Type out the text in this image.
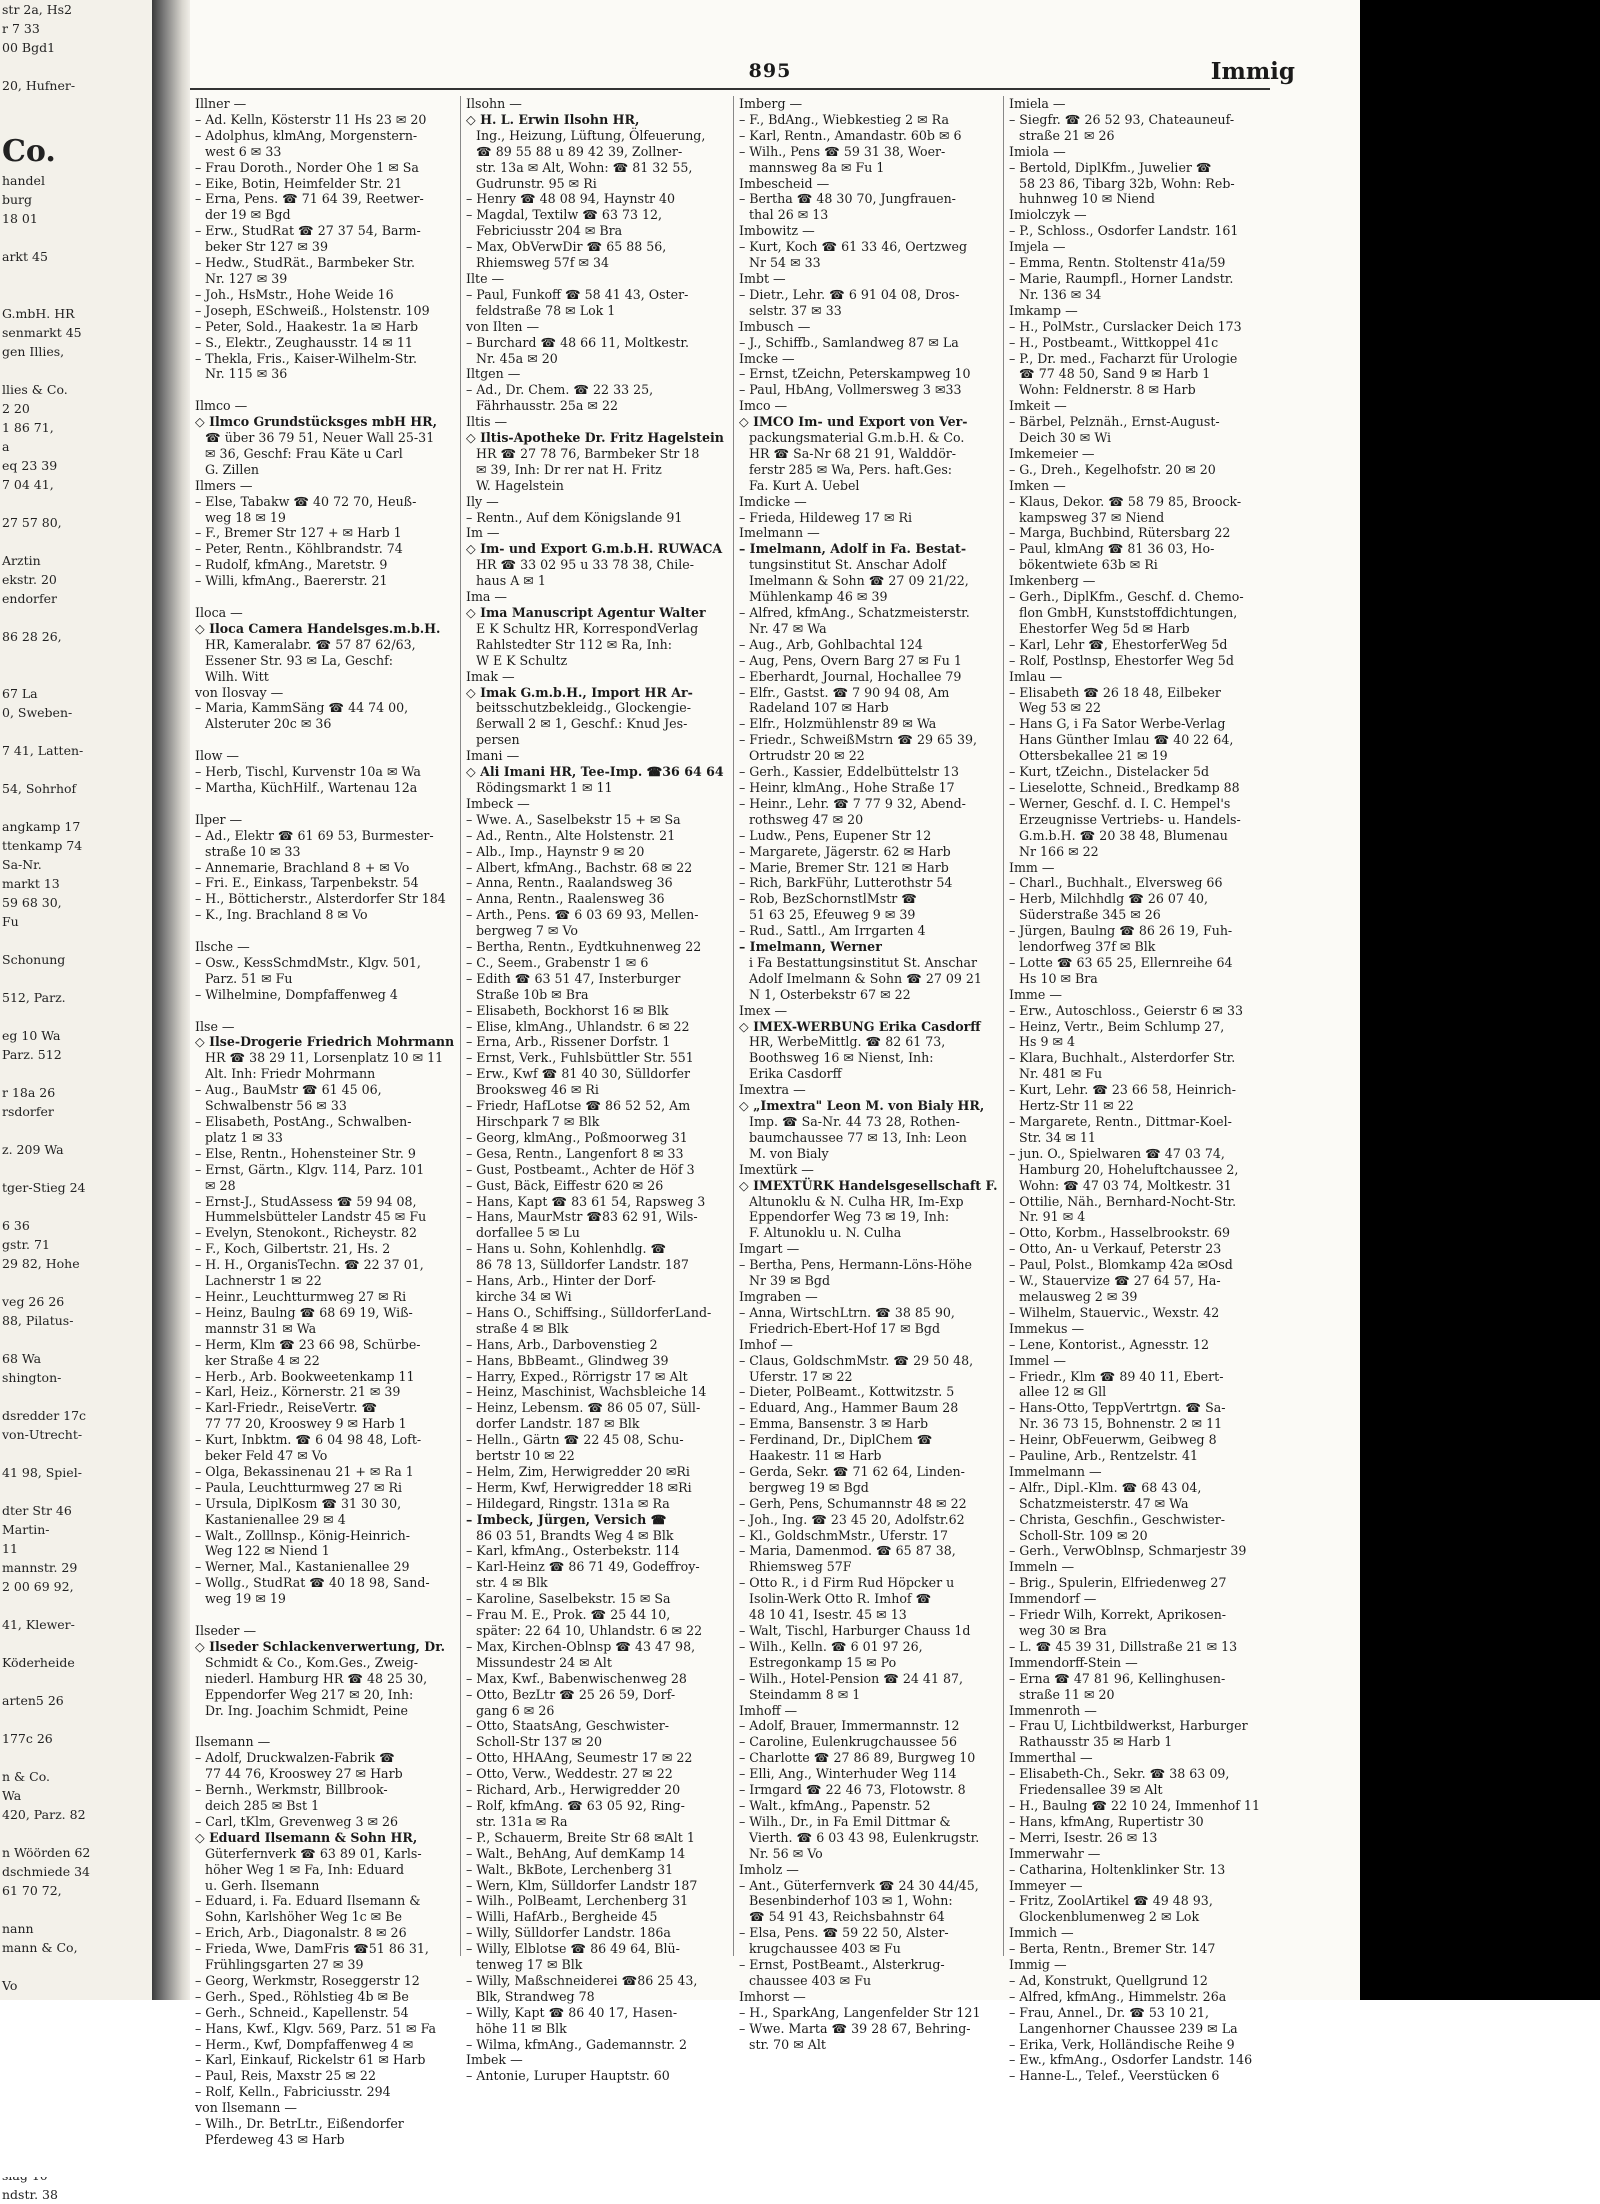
str 2a, Hs2
r 7 33
00 Bgd1

20, Hufner-

Co.
handel
burg
18 01

arkt 45

G.mbH. HR
senmarkt 45
gen Illies,

llies & Co.
2 20
1 86 71,
a
eq 23 39
7 04 41,

27 57 80,

Arztin
ekstr. 20
endorfer

86 28 26,

67 La
0, Sweben-

7 41, Latten-

54, Sohrhof

angkamp 17
ttenkamp 74
Sa-Nr.
markt 13
59 68 30,
Fu

Schonung

512, Parz.

eg 10 Wa
Parz. 512

r 18a 26
rsdorfer

z. 209 Wa

tger-Stieg 24

6 36
gstr. 71
29 82, Hohe

veg 26 26
88, Pilatus-

68 Wa
shington-

dsredder 17c
von-Utrecht-

41 98, Spiel-

dter Str 46
Martin-
11
mannstr. 29
2 00 69 92,

41, Klewer-

Köderheide

arten5 26

177c 26

n & Co.
Wa
420, Parz. 82

n Wöörden 62
dschmiede 34
61 70 72,

nann
mann & Co,

Vo

ndstr. 38
895	Immig
Illner —
– Ad. Kelln, Kösterstr 11 Hs 23 ✉ 20
– Adolphus, klmAng, Morgenstern-
west 6 ✉ 33
– Frau Doroth., Norder Ohe 1 ✉ Sa
– Eike, Botin, Heimfelder Str. 21
– Erna, Pens. ☎ 71 64 39, Reetwer-
der 19 ✉ Bgd
– Erw., StudRat ☎ 27 37 54, Barm-
beker Str 127 ✉ 39
– Hedw., StudRät., Barmbeker Str.
Nr. 127 ✉ 39
– Joh., HsMstr., Hohe Weide 16
– Joseph, ESchweiß., Holstenstr. 109
– Peter, Sold., Haakestr. 1a ✉ Harb
– S., Elektr., Zeughausstr. 14 ✉ 11
– Thekla, Fris., Kaiser-Wilhelm-Str.
Nr. 115 ✉ 36

Ilmco —
◇ Ilmco Grundstücksges mbH HR,
☎ über 36 79 51, Neuer Wall 25-31
✉ 36, Geschf: Frau Käte u Carl
G. Zillen
Ilmers —
– Else, Tabakw ☎ 40 72 70, Heuß-
weg 18 ✉ 19
– F., Bremer Str 127 + ✉ Harb 1
– Peter, Rentn., Köhlbrandstr. 74
– Rudolf, kfmAng., Maretstr. 9
– Willi, kfmAng., Baererstr. 21

Iloca —
◇ Iloca Camera Handelsges.m.b.H.
HR, Kameralabr. ☎ 57 87 62/63,
Essener Str. 93 ✉ La, Geschf:
Wilh. Witt
von Ilosvay —
– Maria, KammSäng ☎ 44 74 00,
Alsteruter 20c ✉ 36

Ilow —
– Herb, Tischl, Kurvenstr 10a ✉ Wa
– Martha, KüchHilf., Wartenau 12a

Ilper —
– Ad., Elektr ☎ 61 69 53, Burmester-
straße 10 ✉ 33
– Annemarie, Brachland 8 + ✉ Vo
– Fri. E., Einkass, Tarpenbekstr. 54
– H., Bötticherstr., Alsterdorfer Str 184
– K., Ing. Brachland 8 ✉ Vo

Ilsche —
– Osw., KessSchmdMstr., Klgv. 501,
Parz. 51 ✉ Fu
– Wilhelmine, Dompfaffenweg 4

Ilse —
◇ Ilse-Drogerie Friedrich Mohrmann
HR ☎ 38 29 11, Lorsenplatz 10 ✉ 11
Alt. Inh: Friedr Mohrmann
– Aug., BauMstr ☎ 61 45 06,
Schwalbenstr 56 ✉ 33
– Elisabeth, PostAng., Schwalben-
platz 1 ✉ 33
– Else, Rentn., Hohensteiner Str. 9
– Ernst, Gärtn., Klgv. 114, Parz. 101
✉ 28
– Ernst-J., StudAssess ☎ 59 94 08,
Hummelsbütteler Landstr 45 ✉ Fu
– Evelyn, Stenokont., Richeystr. 82
– F., Koch, Gilbertstr. 21, Hs. 2
– H. H., OrganisTechn. ☎ 22 37 01,
Lachnerstr 1 ✉ 22
– Heinr., Leuchtturmweg 27 ✉ Ri
– Heinz, Baulng ☎ 68 69 19, Wiß-
mannstr 31 ✉ Wa
– Herm, Klm ☎ 23 66 98, Schürbe-
ker Straße 4 ✉ 22
– Herb., Arb. Bookweetenkamp 11
– Karl, Heiz., Körnerstr. 21 ✉ 39
– Karl-Friedr., ReiseVertr. ☎
77 77 20, Krooswey 9 ✉ Harb 1
– Kurt, Inbktm. ☎ 6 04 98 48, Loft-
beker Feld 47 ✉ Vo
– Olga, Bekassinenau 21 + ✉ Ra 1
– Paula, Leuchtturmweg 27 ✉ Ri
– Ursula, DiplKosm ☎ 31 30 30,
Kastanienallee 29 ✉ 4
– Walt., Zolllnsp., König-Heinrich-
Weg 122 ✉ Niend 1
– Werner, Mal., Kastanienallee 29
– Wollg., StudRat ☎ 40 18 98, Sand-
weg 19 ✉ 19

Ilseder —
◇ Ilseder Schlackenverwertung, Dr.
Schmidt & Co., Kom.Ges., Zweig-
niederl. Hamburg HR ☎ 48 25 30,
Eppendorfer Weg 217 ✉ 20, Inh:
Dr. Ing. Joachim Schmidt, Peine

Ilsemann —
– Adolf, Druckwalzen-Fabrik ☎
77 44 76, Krooswey 27 ✉ Harb
– Bernh., Werkmstr, Billbrook-
deich 285 ✉ Bst 1
– Carl, tKlm, Grevenweg 3 ✉ 26
◇ Eduard Ilsemann & Sohn HR,
Güterfernverk ☎ 63 89 01, Karls-
höher Weg 1 ✉ Fa, Inh: Eduard
u. Gerh. Ilsemann
– Eduard, i. Fa. Eduard Ilsemann &
Sohn, Karlshöher Weg 1c ✉ Be
– Erich, Arb., Diagonalstr. 8 ✉ 26
– Frieda, Wwe, DamFris ☎51 86 31,
Frühlingsgarten 27 ✉ 39
– Georg, Werkmstr, Roseggerstr 12
– Gerh., Sped., Röhlstieg 4b ✉ Be
– Gerh., Schneid., Kapellenstr. 54
– Hans, Kwf., Klgv. 569, Parz. 51 ✉ Fa
– Herm., Kwf, Dompfaffenweg 4 ✉
– Karl, Einkauf, Rickelstr 61 ✉ Harb
– Paul, Reis, Maxstr 25 ✉ 22
– Rolf, Kelln., Fabriciusstr. 294
von Ilsemann —
– Wilh., Dr. BetrLtr., Eißendorfer
Pferdeweg 43 ✉ Harb
Ilsohn —
◇ H. L. Erwin Ilsohn HR,
Ing., Heizung, Lüftung, Ölfeuerung,
☎ 89 55 88 u 89 42 39, Zollner-
str. 13a ✉ Alt, Wohn: ☎ 81 32 55,
Gudrunstr. 95 ✉ Ri
– Henry ☎ 48 08 94, Haynstr 40
– Magdal, Textilw ☎ 63 73 12,
Febriciusstr 204 ✉ Bra
– Max, ObVerwDir ☎ 65 88 56,
Rhiemsweg 57f ✉ 34
Ilte —
– Paul, Funkoff ☎ 58 41 43, Oster-
feldstraße 78 ✉ Lok 1
von Ilten —
– Burchard ☎ 48 66 11, Moltkestr.
Nr. 45a ✉ 20
Iltgen —
– Ad., Dr. Chem. ☎ 22 33 25,
Fährhausstr. 25a ✉ 22
Iltis —
◇ Iltis-Apotheke Dr. Fritz Hagelstein
HR ☎ 27 78 76, Barmbeker Str 18
✉ 39, Inh: Dr rer nat H. Fritz
W. Hagelstein
Ily —
– Rentn., Auf dem Königslande 91
Im —
◇ Im- und Export G.m.b.H. RUWACA
HR ☎ 33 02 95 u 33 78 38, Chile-
haus A ✉ 1
Ima —
◇ Ima Manuscript Agentur Walter
E K Schultz HR, KorrespondVerlag
Rahlstedter Str 112 ✉ Ra, Inh:
W E K Schultz
Imak —
◇ Imak G.m.b.H., Import HR Ar-
beitsschutzbekleidg., Glockengie-
ßerwall 2 ✉ 1, Geschf.: Knud Jes-
persen
Imani —
◇ Ali Imani HR, Tee-Imp. ☎36 64 64
Rödingsmarkt 1 ✉ 11
Imbeck —
– Wwe. A., Saselbekstr 15 + ✉ Sa
– Ad., Rentn., Alte Holstenstr. 21
– Alb., Imp., Haynstr 9 ✉ 20
– Albert, kfmAng., Bachstr. 68 ✉ 22
– Anna, Rentn., Raalandsweg 36
– Anna, Rentn., Raalensweg 36
– Arth., Pens. ☎ 6 03 69 93, Mellen-
bergweg 7 ✉ Vo
– Bertha, Rentn., Eydtkuhnenweg 22
– C., Seem., Grabenstr 1 ✉ 6
– Edith ☎ 63 51 47, Insterburger
Straße 10b ✉ Bra
– Elisabeth, Bockhorst 16 ✉ Blk
– Elise, klmAng., Uhlandstr. 6 ✉ 22
– Erna, Arb., Rissener Dorfstr. 1
– Ernst, Verk., Fuhlsbüttler Str. 551
– Erw., Kwf ☎ 81 40 30, Sülldorfer
Brooksweg 46 ✉ Ri
– Friedr, HafLotse ☎ 86 52 52, Am
Hirschpark 7 ✉ Blk
– Georg, klmAng., Poßmoorweg 31
– Gesa, Rentn., Langenfort 8 ✉ 33
– Gust, Postbeamt., Achter de Höf 3
– Gust, Bäck, Eiffestr 620 ✉ 26
– Hans, Kapt ☎ 83 61 54, Rapsweg 3
– Hans, MaurMstr ☎83 62 91, Wils-
dorfallee 5 ✉ Lu
– Hans u. Sohn, Kohlenhdlg. ☎
86 78 13, Sülldorfer Landstr. 187
– Hans, Arb., Hinter der Dorf-
kirche 34 ✉ Wi
– Hans O., Schiffsing., SülldorferLand-
straße 4 ✉ Blk
– Hans, Arb., Darbovenstieg 2
– Hans, BbBeamt., Glindweg 39
– Harry, Exped., Rörrigstr 17 ✉ Alt
– Heinz, Maschinist, Wachsbleiche 14
– Heinz, Lebensm. ☎ 86 05 07, Süll-
dorfer Landstr. 187 ✉ Blk
– Helln., Gärtn ☎ 22 45 08, Schu-
bertstr 10 ✉ 22
– Helm, Zim, Herwigredder 20 ✉Ri
– Herm, Kwf, Herwigredder 18 ✉Ri
– Hildegard, Ringstr. 131a ✉ Ra
– Imbeck, Jürgen, Versich ☎
86 03 51, Brandts Weg 4 ✉ Blk
– Karl, kfmAng., Osterbekstr. 114
– Karl-Heinz ☎ 86 71 49, Godeffroy-
str. 4 ✉ Blk
– Karoline, Saselbekstr. 15 ✉ Sa
– Frau M. E., Prok. ☎ 25 44 10,
später: 22 64 10, Uhlandstr. 6 ✉ 22
– Max, Kirchen-Oblnsp ☎ 43 47 98,
Missundestr 24 ✉ Alt
– Max, Kwf., Babenwischenweg 28
– Otto, BezLtr ☎ 25 26 59, Dorf-
gang 6 ✉ 26
– Otto, StaatsAng, Geschwister-
Scholl-Str 137 ✉ 20
– Otto, HHAAng, Seumestr 17 ✉ 22
– Otto, Verw., Weddestr. 27 ✉ 22
– Richard, Arb., Herwigredder 20
– Rolf, kfmAng. ☎ 63 05 92, Ring-
str. 131a ✉ Ra
– P., Schauerm, Breite Str 68 ✉Alt 1
– Walt., BehAng, Auf demKamp 14
– Walt., BkBote, Lerchenberg 31
– Wern, Klm, Sülldorfer Landstr 187
– Wilh., PolBeamt, Lerchenberg 31
– Willi, HafArb., Bergheide 45
– Willy, Sülldorfer Landstr. 186a
– Willy, Elblotse ☎ 86 49 64, Blü-
tenweg 17 ✉ Blk
– Willy, Maßschneiderei ☎86 25 43,
Blk, Strandweg 78
– Willy, Kapt ☎ 86 40 17, Hasen-
höhe 11 ✉ Blk
– Wilma, kfmAng., Gademannstr. 2
Imbek —
– Antonie, Luruper Hauptstr. 60
Imberg —
– F., BdAng., Wiebkestieg 2 ✉ Ra
– Karl, Rentn., Amandastr. 60b ✉ 6
– Wilh., Pens ☎ 59 31 38, Woer-
mannsweg 8a ✉ Fu 1
Imbescheid —
– Bertha ☎ 48 30 70, Jungfrauen-
thal 26 ✉ 13
Imbowitz —
– Kurt, Koch ☎ 61 33 46, Oertzweg
Nr 54 ✉ 33
Imbt —
– Dietr., Lehr. ☎ 6 91 04 08, Dros-
selstr. 37 ✉ 33
Imbusch —
– J., Schiffb., Samlandweg 87 ✉ La
Imcke —
– Ernst, tZeichn, Peterskampweg 10
– Paul, HbAng, Vollmersweg 3 ✉33
Imco —
◇ IMCO Im- und Export von Ver-
packungsmaterial G.m.b.H. & Co.
HR ☎ Sa-Nr 68 21 91, Walddör-
ferstr 285 ✉ Wa, Pers. haft.Ges:
Fa. Kurt A. Uebel
Imdicke —
– Frieda, Hildeweg 17 ✉ Ri
Imelmann —
– Imelmann, Adolf in Fa. Bestat-
tungsinstitut St. Anschar Adolf
Imelmann & Sohn ☎ 27 09 21/22,
Mühlenkamp 46 ✉ 39
– Alfred, kfmAng., Schatzmeisterstr.
Nr. 47 ✉ Wa
– Aug., Arb, Gohlbachtal 124
– Aug, Pens, Overn Barg 27 ✉ Fu 1
– Eberhardt, Journal, Hochallee 79
– Elfr., Gastst. ☎ 7 90 94 08, Am
Radeland 107 ✉ Harb
– Elfr., Holzmühlenstr 89 ✉ Wa
– Friedr., SchweißMstrn ☎ 29 65 39,
Ortrudstr 20 ✉ 22
– Gerh., Kassier, Eddelbüttelstr 13
– Heinr, klmAng., Hohe Straße 17
– Heinr., Lehr. ☎ 7 77 9 32, Abend-
rothsweg 47 ✉ 20
– Ludw., Pens, Eupener Str 12
– Margarete, Jägerstr. 62 ✉ Harb
– Marie, Bremer Str. 121 ✉ Harb
– Rich, BarkFühr, Lutterothstr 54
– Rob, BezSchornstlMstr ☎
51 63 25, Efeuweg 9 ✉ 39
– Rud., Sattl., Am Irrgarten 4
– Imelmann, Werner
i Fa Bestattungsinstitut St. Anschar
Adolf Imelmann & Sohn ☎ 27 09 21
N 1, Osterbekstr 67 ✉ 22
Imex —
◇ IMEX-WERBUNG Erika Casdorff
HR, WerbeMittlg. ☎ 82 61 73,
Boothsweg 16 ✉ Nienst, Inh:
Erika Casdorff
Imextra —
◇ „Imextra" Leon M. von Bialy HR,
Imp. ☎ Sa-Nr. 44 73 28, Rothen-
baumchaussee 77 ✉ 13, Inh: Leon
M. von Bialy
Imextürk —
◇ IMEXTÜRK Handelsgesellschaft F.
Altunoklu & N. Culha HR, Im-Exp
Eppendorfer Weg 73 ✉ 19, Inh:
F. Altunoklu u. N. Culha
Imgart —
– Bertha, Pens, Hermann-Löns-Höhe
Nr 39 ✉ Bgd
Imgraben —
– Anna, WirtschLtrn. ☎ 38 85 90,
Friedrich-Ebert-Hof 17 ✉ Bgd
Imhof —
– Claus, GoldschmMstr. ☎ 29 50 48,
Uferstr. 17 ✉ 22
– Dieter, PolBeamt., Kottwitzstr. 5
– Eduard, Ang., Hammer Baum 28
– Emma, Bansenstr. 3 ✉ Harb
– Ferdinand, Dr., DiplChem ☎
Haakestr. 11 ✉ Harb
– Gerda, Sekr. ☎ 71 62 64, Linden-
bergweg 19 ✉ Bgd
– Gerh, Pens, Schumannstr 48 ✉ 22
– Joh., Ing. ☎ 23 45 20, Adolfstr.62
– Kl., GoldschmMstr., Uferstr. 17
– Maria, Damenmod. ☎ 65 87 38,
Rhiemsweg 57F
– Otto R., i d Firm Rud Höpcker u
Isolin-Werk Otto R. Imhof ☎
48 10 41, Isestr. 45 ✉ 13
– Walt, Tischl, Harburger Chauss 1d
– Wilh., Kelln. ☎ 6 01 97 26,
Estregonkamp 15 ✉ Po
– Wilh., Hotel-Pension ☎ 24 41 87,
Steindamm 8 ✉ 1
Imhoff —
– Adolf, Brauer, Immermannstr. 12
– Caroline, Eulenkrugchaussee 56
– Charlotte ☎ 27 86 89, Burgweg 10
– Elli, Ang., Winterhuder Weg 114
– Irmgard ☎ 22 46 73, Flotowstr. 8
– Walt., kfmAng., Papenstr. 52
– Wilh., Dr., in Fa Emil Dittmar &
Vierth. ☎ 6 03 43 98, Eulenkrugstr.
Nr. 56 ✉ Vo
Imholz —
– Ant., Güterfernverk ☎ 24 30 44/45,
Besenbinderhof 103 ✉ 1, Wohn:
☎ 54 91 43, Reichsbahnstr 64
– Elsa, Pens. ☎ 59 22 50, Alster-
krugchaussee 403 ✉ Fu
– Ernst, PostBeamt., Alsterkrug-
chaussee 403 ✉ Fu
Imhorst —
– H., SparkAng, Langenfelder Str 121
– Wwe. Marta ☎ 39 28 67, Behring-
str. 70 ✉ Alt
Imiela —
– Siegfr. ☎ 26 52 93, Chateauneuf-
straße 21 ✉ 26
Imiola —
– Bertold, DiplKfm., Juwelier ☎
58 23 86, Tibarg 32b, Wohn: Reb-
huhnweg 10 ✉ Niend
Imiolczyk —
– P., Schloss., Osdorfer Landstr. 161
Imjela —
– Emma, Rentn. Stoltenstr 41a/59
– Marie, Raumpfl., Horner Landstr.
Nr. 136 ✉ 34
Imkamp —
– H., PolMstr., Curslacker Deich 173
– H., Postbeamt., Wittkoppel 41c
– P., Dr. med., Facharzt für Urologie
☎ 77 48 50, Sand 9 ✉ Harb 1
Wohn: Feldnerstr. 8 ✉ Harb
Imkeit —
– Bärbel, Pelznäh., Ernst-August-
Deich 30 ✉ Wi
Imkemeier —
– G., Dreh., Kegelhofstr. 20 ✉ 20
Imken —
– Klaus, Dekor. ☎ 58 79 85, Broock-
kampsweg 37 ✉ Niend
– Marga, Buchbind, Rütersbarg 22
– Paul, klmAng ☎ 81 36 03, Ho-
bökentwiete 63b ✉ Ri
Imkenberg —
– Gerh., DiplKfm., Geschf. d. Chemo-
flon GmbH, Kunststoffdichtungen,
Ehestorfer Weg 5d ✉ Harb
– Karl, Lehr ☎, EhestorferWeg 5d
– Rolf, Postlnsp, Ehestorfer Weg 5d
Imlau —
– Elisabeth ☎ 26 18 48, Eilbeker
Weg 53 ✉ 22
– Hans G, i Fa Sator Werbe-Verlag
Hans Günther Imlau ☎ 40 22 64,
Ottersbekallee 21 ✉ 19
– Kurt, tZeichn., Distelacker 5d
– Lieselotte, Schneid., Bredkamp 88
– Werner, Geschf. d. I. C. Hempel's
Erzeugnisse Vertriebs- u. Handels-
G.m.b.H. ☎ 20 38 48, Blumenau
Nr 166 ✉ 22
Imm —
– Charl., Buchhalt., Elversweg 66
– Herb, Milchhdlg ☎ 26 07 40,
Süderstraße 345 ✉ 26
– Jürgen, Baulng ☎ 86 26 19, Fuh-
lendorfweg 37f ✉ Blk
– Lotte ☎ 63 65 25, Ellernreihe 64
Hs 10 ✉ Bra
Imme —
– Erw., Autoschloss., Geierstr 6 ✉ 33
– Heinz, Vertr., Beim Schlump 27,
Hs 9 ✉ 4
– Klara, Buchhalt., Alsterdorfer Str.
Nr. 481 ✉ Fu
– Kurt, Lehr. ☎ 23 66 58, Heinrich-
Hertz-Str 11 ✉ 22
– Margarete, Rentn., Dittmar-Koel-
Str. 34 ✉ 11
– jun. O., Spielwaren ☎ 47 03 74,
Hamburg 20, Hoheluftchaussee 2,
Wohn: ☎ 47 03 74, Moltkestr. 31
– Ottilie, Näh., Bernhard-Nocht-Str.
Nr. 91 ✉ 4
– Otto, Korbm., Hasselbrookstr. 69
– Otto, An- u Verkauf, Peterstr 23
– Paul, Polst., Blomkamp 42a ✉Osd
– W., Stauervize ☎ 27 64 57, Ha-
melausweg 2 ✉ 39
– Wilhelm, Stauervic., Wexstr. 42
Immekus —
– Lene, Kontorist., Agnesstr. 12
Immel —
– Friedr., Klm ☎ 89 40 11, Ebert-
allee 12 ✉ Gll
– Hans-Otto, TeppVertrtgn. ☎ Sa-
Nr. 36 73 15, Bohnenstr. 2 ✉ 11
– Heinr, ObFeuerwm, Geibweg 8
– Pauline, Arb., Rentzelstr. 41
Immelmann —
– Alfr., Dipl.-Klm. ☎ 68 43 04,
Schatzmeisterstr. 47 ✉ Wa
– Christa, Geschfin., Geschwister-
Scholl-Str. 109 ✉ 20
– Gerh., VerwOblnsp, Schmarjestr 39
Immeln —
– Brig., Spulerin, Elfriedenweg 27
Immendorf —
– Friedr Wilh, Korrekt, Aprikosen-
weg 30 ✉ Bra
– L. ☎ 45 39 31, Dillstraße 21 ✉ 13
Immendorff-Stein —
– Erna ☎ 47 81 96, Kellinghusen-
straße 11 ✉ 20
Immenroth —
– Frau U, Lichtbildwerkst, Harburger
Rathausstr 35 ✉ Harb 1
Immerthal —
– Elisabeth-Ch., Sekr. ☎ 38 63 09,
Friedensallee 39 ✉ Alt
– H., Baulng ☎ 22 10 24, Immenhof 11
– Hans, kfmAng, Rupertistr 30
– Merri, Isestr. 26 ✉ 13
Immerwahr —
– Catharina, Holtenklinker Str. 13
Immeyer —
– Fritz, ZoolArtikel ☎ 49 48 93,
Glockenblumenweg 2 ✉ Lok
Immich —
– Berta, Rentn., Bremer Str. 147
Immig —
– Ad, Konstrukt, Quellgrund 12
– Alfred, kfmAng., Himmelstr. 26a
– Frau, Annel., Dr. ☎ 53 10 21,
Langenhorner Chaussee 239 ✉ La
– Erika, Verk, Holländische Reihe 9
– Ew., kfmAng., Osdorfer Landstr. 146
– Hanne-L., Telef., Veerstücken 6
